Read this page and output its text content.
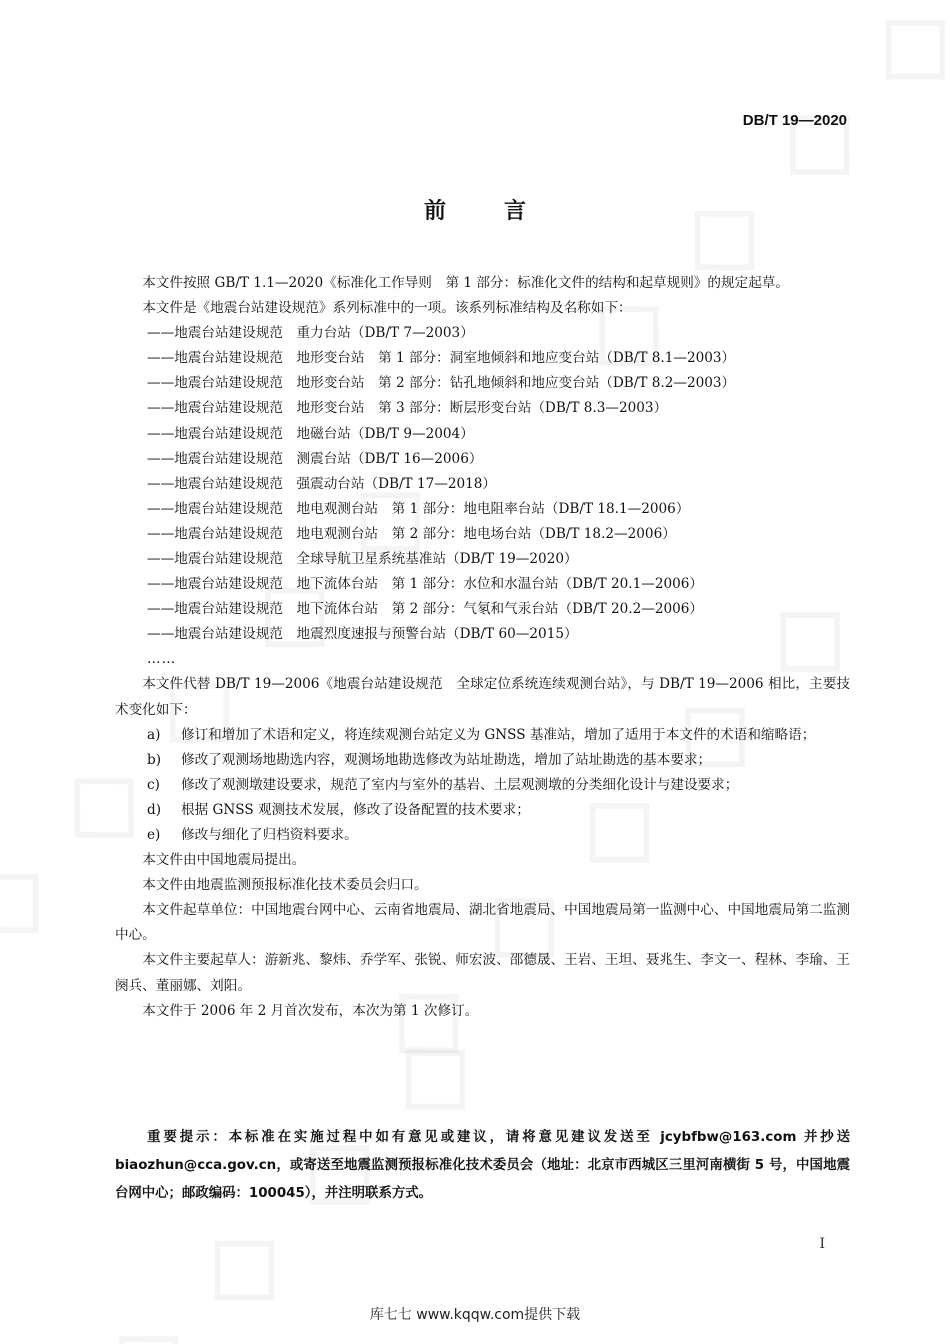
DB/T 19—2020
前言

本文件按照 GB/T 1.1—2020《标准化工作导则　第 1 部分：标准化文件的结构和起草规则》的规定起草。

本文件是《地震台站建设规范》系列标准中的一项。该系列标准结构及名称如下：

——地震台站建设规范　重力台站（DB/T 7—2003）
——地震台站建设规范　地形变台站　第 1 部分：洞室地倾斜和地应变台站（DB/T 8.1—2003）
——地震台站建设规范　地形变台站　第 2 部分：钻孔地倾斜和地应变台站（DB/T 8.2—2003）
——地震台站建设规范　地形变台站　第 3 部分：断层形变台站（DB/T 8.3—2003）
——地震台站建设规范　地磁台站（DB/T 9—2004）
——地震台站建设规范　测震台站（DB/T 16—2006）
——地震台站建设规范　强震动台站（DB/T 17—2018）
——地震台站建设规范　地电观测台站　第 1 部分：地电阻率台站（DB/T 18.1—2006）
——地震台站建设规范　地电观测台站　第 2 部分：地电场台站（DB/T 18.2—2006）
——地震台站建设规范　全球导航卫星系统基准站（DB/T 19—2020）
——地震台站建设规范　地下流体台站　第 1 部分：水位和水温台站（DB/T 20.1—2006）
——地震台站建设规范　地下流体台站　第 2 部分：气氡和气汞台站（DB/T 20.2—2006）
——地震台站建设规范　地震烈度速报与预警台站（DB/T 60—2015）

……

本文件代替 DB/T 19—2006《地震台站建设规范　全球定位系统连续观测台站》，与 DB/T 19—2006 相比，主要技术变化如下：

a)	修订和增加了术语和定义，将连续观测台站定义为 GNSS 基准站，增加了适用于本文件的术语和缩略语；
b)	修改了观测场地勘选内容，观测场地勘选修改为站址勘选，增加了站址勘选的基本要求；
c)	修改了观测墩建设要求，规范了室内与室外的基岩、土层观测墩的分类细化设计与建设要求；
d)	根据 GNSS 观测技术发展，修改了设备配置的技术要求；
e)	修改与细化了归档资料要求。

本文件由中国地震局提出。

本文件由地震监测预报标准化技术委员会归口。

本文件起草单位：中国地震台网中心、云南省地震局、湖北省地震局、中国地震局第一监测中心、中国地震局第二监测中心。

本文件主要起草人：游新兆、黎炜、乔学军、张锐、师宏波、邵德晟、王岩、王坦、聂兆生、李文一、程林、李瑜、王阕兵、董丽娜、刘阳。

本文件于 2006 年 2 月首次发布，本次为第 1 次修订。

重要提示：本标准在实施过程中如有意见或建议，请将意见建议发送至 jcybfbw@163.com 并抄送 biaozhun@cca.gov.cn，或寄送至地震监测预报标准化技术委员会（地址：北京市西城区三里河南横街 5 号，中国地震台网中心；邮政编码：100045），并注明联系方式。

I
库七七 www.kqqw.com提供下载
